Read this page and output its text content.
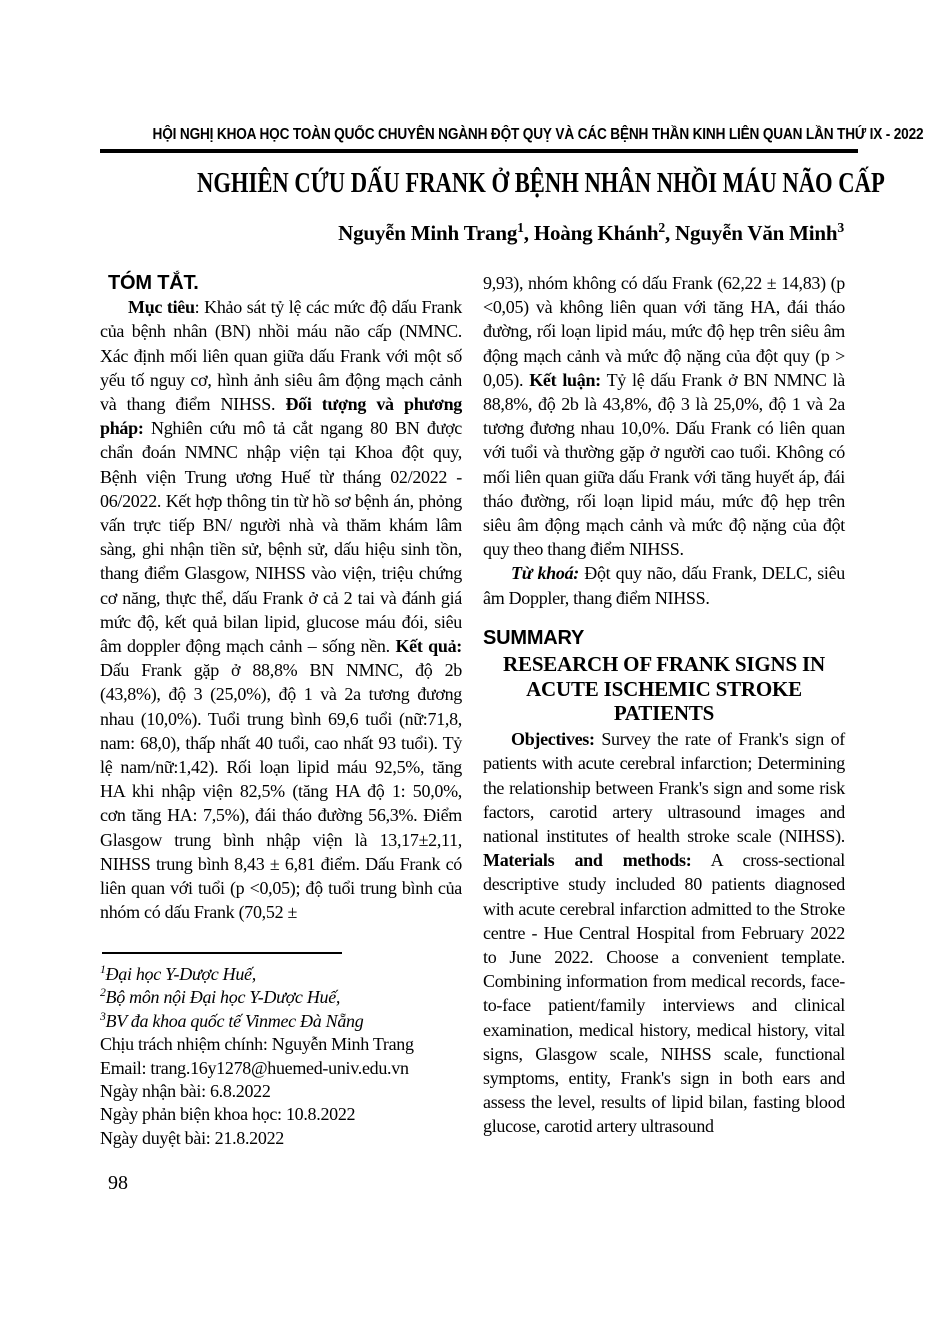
HỘI NGHỊ KHOA HỌC TOÀN QUỐC CHUYÊN NGÀNH ĐỘT QUỴ VÀ CÁC BỆNH THẦN KINH LIÊN QUAN LẦN THỨ IX - 2022
NGHIÊN CỨU DẤU FRANK Ở BỆNH NHÂN NHỒI MÁU NÃO CẤP
Nguyễn Minh Trang$^1$, Hoàng Khánh$^2$, Nguyễn Văn Minh$^3$
TÓM TẮT.

Mục tiêu: Khảo sát tỷ lệ các mức độ dấu Frank của bệnh nhân (BN) nhồi máu não cấp (NMNC. Xác định mối liên quan giữa dấu Frank với một số yếu tố nguy cơ, hình ảnh siêu âm động mạch cảnh và thang điểm NIHSS. Đối tượng và phương pháp: Nghiên cứu mô tả cắt ngang 80 BN được chẩn đoán NMNC nhập viện tại Khoa đột quy, Bệnh viện Trung ương Huế từ tháng 02/2022 - 06/2022. Kết hợp thông tin từ hồ sơ bệnh án, phỏng vấn trực tiếp BN/ người nhà và thăm khám lâm sàng, ghi nhận tiền sử, bệnh sử, dấu hiệu sinh tồn, thang điểm Glasgow, NIHSS vào viện, triệu chứng cơ năng, thực thể, dấu Frank ở cả 2 tai và đánh giá mức độ, kết quả bilan lipid, glucose máu đói, siêu âm doppler động mạch cảnh – sống nền. Kết quả: Dấu Frank gặp ở 88,8% BN NMNC, độ 2b (43,8%), độ 3 (25,0%), độ 1 và 2a tương đương nhau (10,0%). Tuổi trung bình 69,6 tuổi (nữ:71,8, nam: 68,0), thấp nhất 40 tuổi, cao nhất 93 tuổi). Tỷ lệ nam/nữ:1,42). Rối loạn lipid máu 92,5%, tăng HA khi nhập viện 82,5% (tăng HA độ 1: 50,0%, cơn tăng HA: 7,5%), đái tháo đường 56,3%. Điểm Glasgow trung bình nhập viện là 13,17±2,11, NIHSS trung bình 8,43 ± 6,81 điểm. Dấu Frank có liên quan với tuổi (p <0,05); độ tuổi trung bình của nhóm có dấu Frank (70,52 ±

$^1$Đại học Y-Dược Huế,
$^2$Bộ môn nội Đại học Y-Dược Huế,
$^3$BV đa khoa quốc tế Vinmec Đà Nẵng
Chịu trách nhiệm chính: Nguyễn Minh Trang
Email: trang.16y1278@huemed-univ.edu.vn
Ngày nhận bài: 6.8.2022
Ngày phản biện khoa học: 10.8.2022
Ngày duyệt bài: 21.8.2022

9,93), nhóm không có dấu Frank (62,22 ± 14,83) (p <0,05) và không liên quan với tăng HA, đái tháo đường, rối loạn lipid máu, mức độ hẹp trên siêu âm động mạch cảnh và mức độ nặng của đột quy (p > 0,05). Kết luận: Tỷ lệ dấu Frank ở BN NMNC là 88,8%, độ 2b là 43,8%, độ 3 là 25,0%, độ 1 và 2a tương đương nhau 10,0%. Dấu Frank có liên quan với tuổi và thường gặp ở người cao tuổi. Không có mối liên quan giữa dấu Frank với tăng huyết áp, đái tháo đường, rối loạn lipid máu, mức độ hẹp trên siêu âm động mạch cảnh và mức độ nặng của đột quy theo thang điểm NIHSS.

Từ khoá: Đột quy não, dấu Frank, DELC, siêu âm Doppler, thang điểm NIHSS.

SUMMARY
RESEARCH OF FRANK SIGNS IN
ACUTE ISCHEMIC STROKE
PATIENTS

Objectives: Survey the rate of Frank's sign of patients with acute cerebral infarction; Determining the relationship between Frank's sign and some risk factors, carotid artery ultrasound images and national institutes of health stroke scale (NIHSS). Materials and methods: A cross-sectional descriptive study included 80 patients diagnosed with acute cerebral infarction admitted to the Stroke centre - Hue Central Hospital from February 2022 to June 2022. Choose a convenient template. Combining information from medical records, face-to-face patient/family interviews and clinical examination, medical history, medical history, vital signs, Glasgow scale, NIHSS scale, functional symptoms, entity, Frank's sign in both ears and assess the level, results of lipid bilan, fasting blood glucose, carotid artery ultrasound

98
